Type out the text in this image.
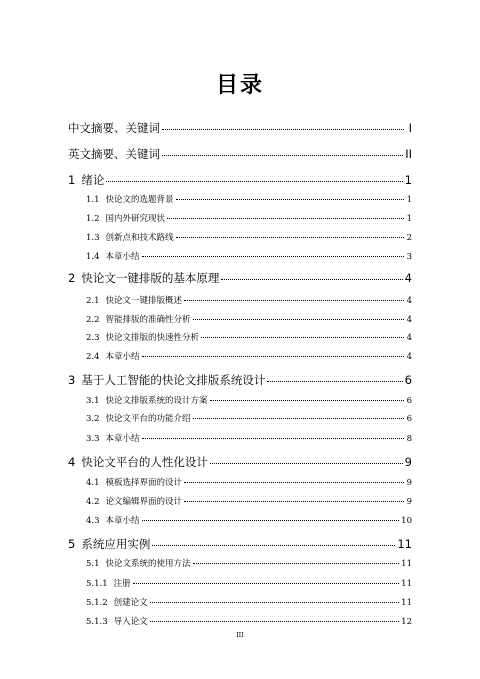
目录
中文摘要、关键词	Ⅰ
英文摘要、关键词	II
1 绪论	1
1.1 快论文的选题背景	1
1.2 国内外研究现状	1
1.3 创新点和技术路线	2
1.4 本章小结	3
2 快论文一键排版的基本原理	4
2.1 快论文一键排版概述	4
2.2 智能排版的准确性分析	4
2.3 快论文排版的快速性分析	4
2.4 本章小结	4
3 基于人工智能的快论文排版系统设计	6
3.1 快论文排版系统的设计方案	6
3.2 快论文平台的功能介绍	6
3.3 本章小结	8
4 快论文平台的人性化设计	9
4.1 模板选择界面的设计	9
4.2 论文编辑界面的设计	9
4.3 本章小结	10
5 系统应用实例	11
5.1 快论文系统的使用方法	11
5.1.1 注册	11
5.1.2 创建论文	11
5.1.3 导入论文	12
III
